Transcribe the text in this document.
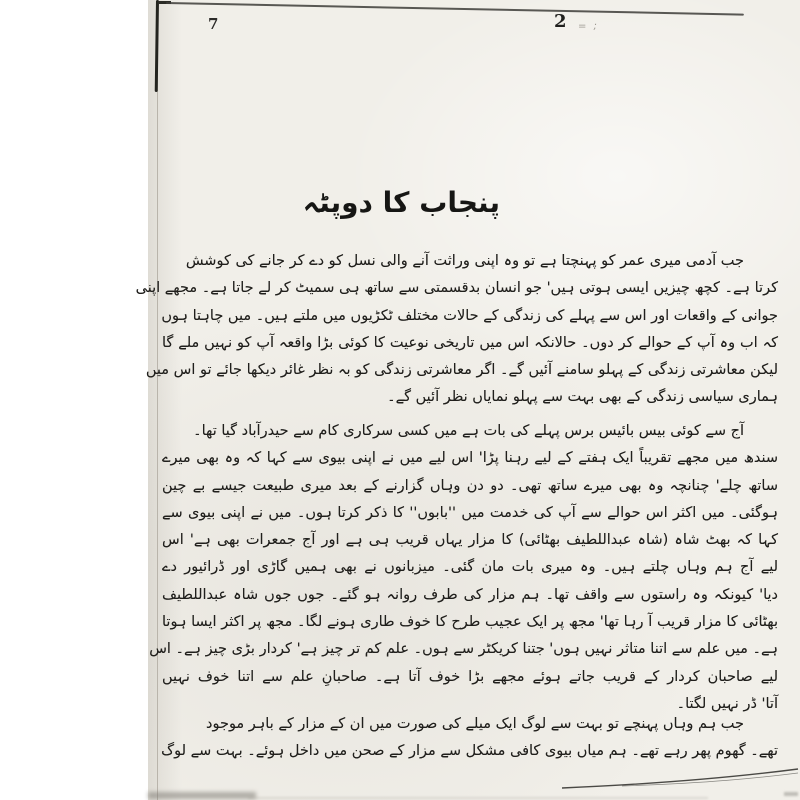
7	2 = ;
پنجاب کا دوپٹہ
جب آدمی میری عمر کو پہنچتا ہے تو وہ اپنی وراثت آنے والی نسل کو دے کر جانے کی کوشش
کرتا ہے۔ کچھ چیزیں ایسی ہوتی ہیں' جو انسان بدقسمتی سے ساتھ ہی سمیٹ کر لے جاتا ہے۔ مجھے اپنی
جوانی کے واقعات اور اس سے پہلے کی زندگی کے حالات مختلف ٹکڑیوں میں ملتے ہیں۔ میں چاہتا ہوں
کہ اب وہ آپ کے حوالے کر دوں۔ حالانکہ اس میں تاریخی نوعیت کا کوئی بڑا واقعہ آپ کو نہیں ملے گا
لیکن معاشرتی زندگی کے پہلو سامنے آئیں گے۔ اگر معاشرتی زندگی کو بہ نظر غائر دیکھا جائے تو اس میں
ہماری سیاسی زندگی کے بھی بہت سے پہلو نمایاں نظر آئیں گے۔
آج سے کوئی بیس بائیس برس پہلے کی بات ہے میں کسی سرکاری کام سے حیدرآباد گیا تھا۔
سندھ میں مجھے تقریباً ایک ہفتے کے لیے رہنا پڑا' اس لیے میں نے اپنی بیوی سے کہا کہ وہ بھی میرے
ساتھ چلے' چنانچہ وہ بھی میرے ساتھ تھی۔ دو دن وہاں گزارنے کے بعد میری طبیعت جیسے بے چین
ہوگئی۔ میں اکثر اس حوالے سے آپ کی خدمت میں ''بابوں'' کا ذکر کرتا ہوں۔ میں نے اپنی بیوی سے
کہا کہ بھٹ شاہ (شاہ عبداللطیف بھٹائی) کا مزار یہاں قریب ہی ہے اور آج جمعرات بھی ہے' اس
لیے آج ہم وہاں چلتے ہیں۔ وہ میری بات مان گئی۔ میزبانوں نے بھی ہمیں گاڑی اور ڈرائیور دے
دیا' کیونکہ وہ راستوں سے واقف تھا۔ ہم مزار کی طرف روانہ ہو گئے۔ جوں جوں شاہ عبداللطیف
بھٹائی کا مزار قریب آ رہا تھا' مجھ پر ایک عجیب طرح کا خوف طاری ہونے لگا۔ مجھ پر اکثر ایسا ہوتا
ہے۔ میں علم سے اتنا متاثر نہیں ہوں' جتنا کریکٹر سے ہوں۔ علم کم تر چیز ہے' کردار بڑی چیز ہے۔ اس
لیے صاحبان کردار کے قریب جاتے ہوئے مجھے بڑا خوف آتا ہے۔ صاحبانِ علم سے اتنا خوف نہیں
آتا' ڈر نہیں لگتا۔
جب ہم وہاں پہنچے تو بہت سے لوگ ایک میلے کی صورت میں ان کے مزار کے باہر موجود
تھے۔ گھوم پھر رہے تھے۔ ہم میاں بیوی کافی مشکل سے مزار کے صحن میں داخل ہوئے۔ بہت سے لوگ
